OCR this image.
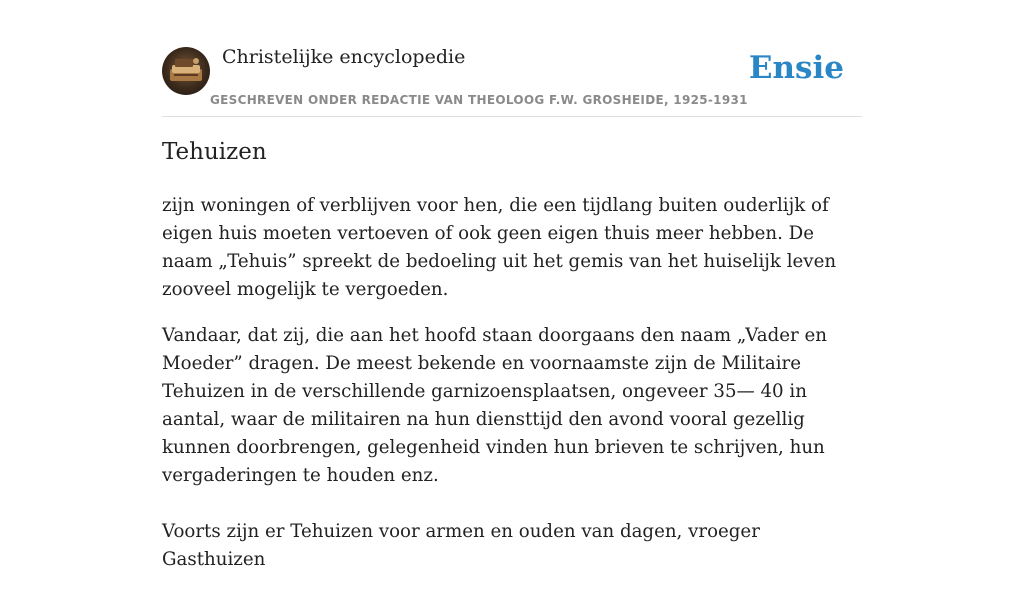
Christelijke encyclopedie
GESCHREVEN ONDER REDACTIE VAN THEOLOOG F.W. GROSHEIDE, 1925-1931
Ensie
Tehuizen

zijn woningen of verblijven voor hen, die een tijdlang buiten ouderlijk of eigen huis moeten vertoeven of ook geen eigen thuis meer hebben. De naam „Tehuis” spreekt de bedoeling uit het gemis van het huiselijk leven zooveel mogelijk te vergoeden.

Vandaar, dat zij, die aan het hoofd staan doorgaans den naam „Vader en Moeder” dragen. De meest bekende en voornaamste zijn de Militaire Tehuizen in de verschillende garnizoensplaatsen, ongeveer 35— 40 in aantal, waar de militairen na hun diensttijd den avond vooral gezellig kunnen doorbrengen, gelegenheid vinden hun brieven te schrijven, hun vergaderingen te houden enz.

Voorts zijn er Tehuizen voor armen en ouden van dagen, vroeger Gasthuizen
